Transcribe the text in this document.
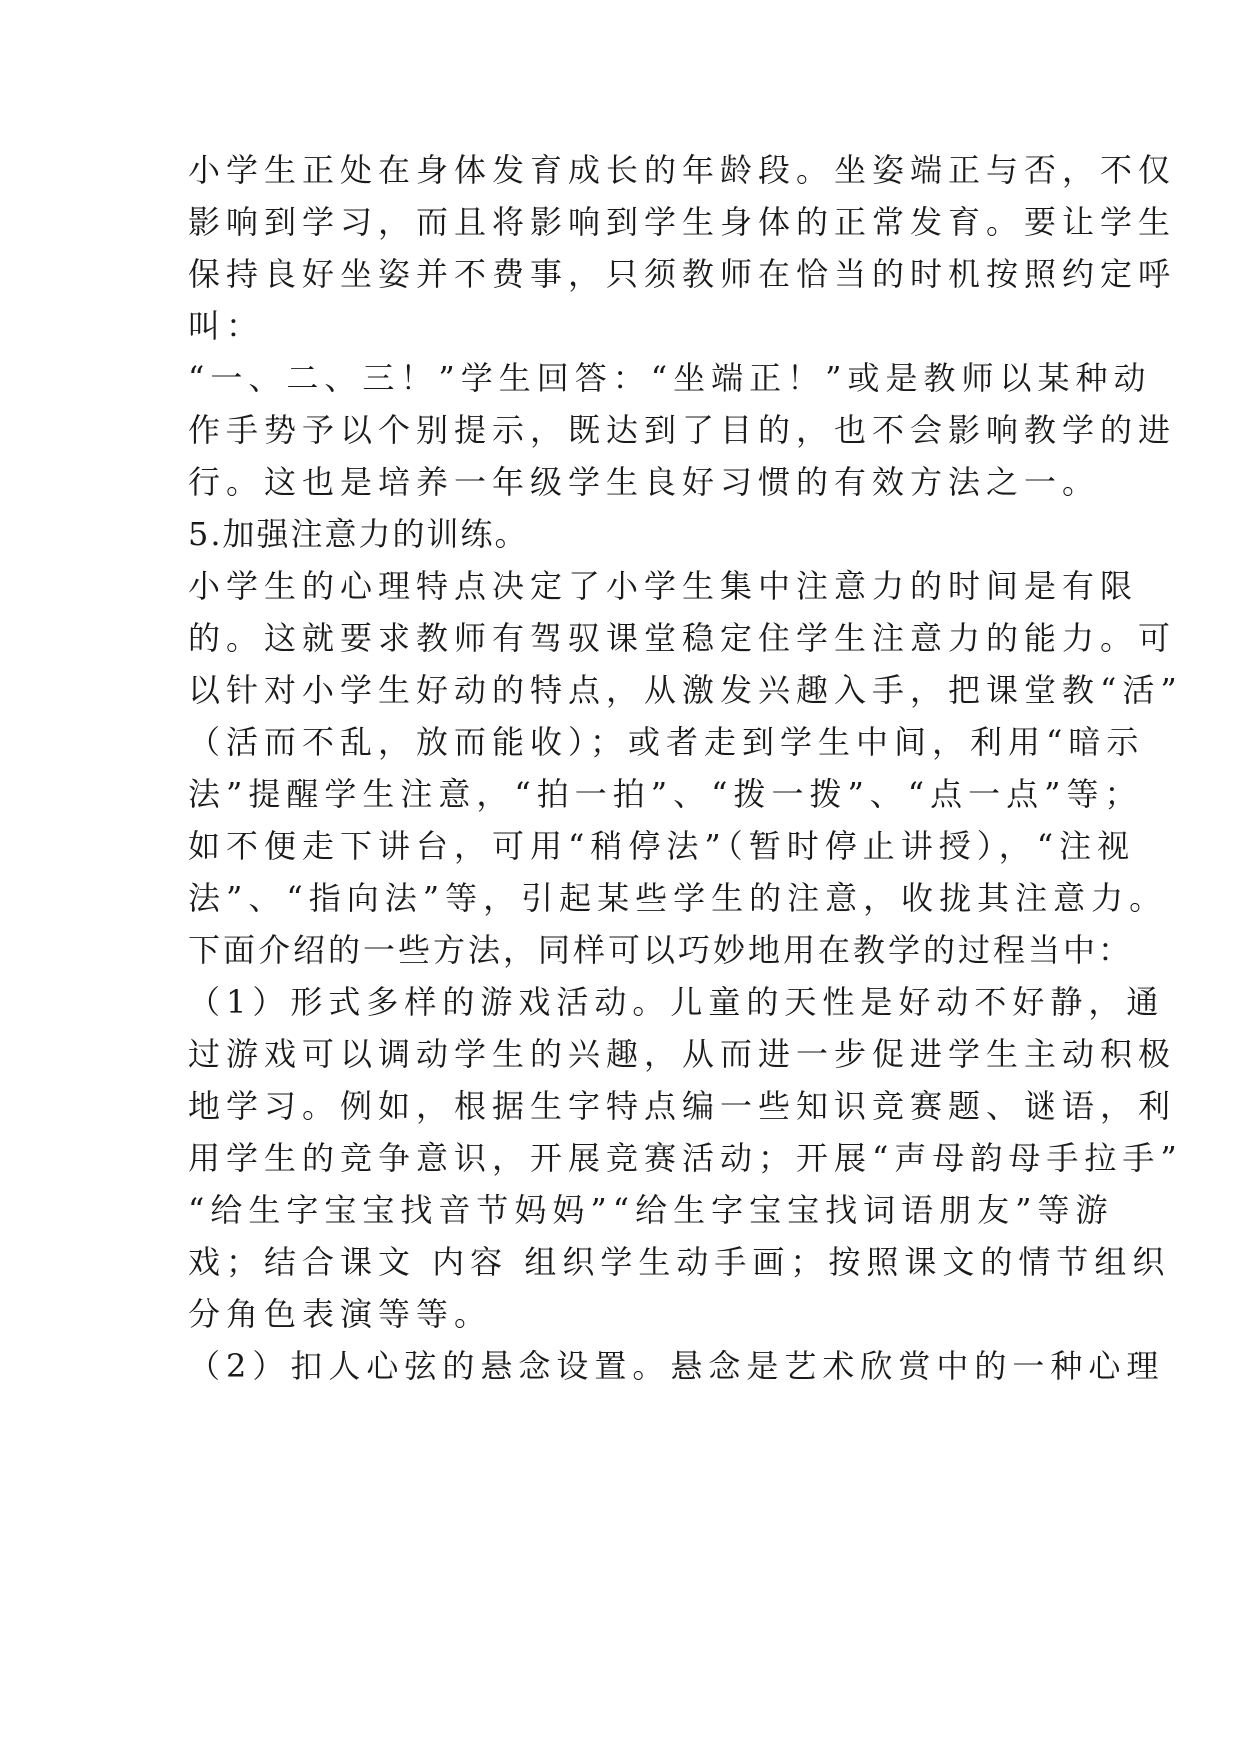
小学生正处在身体发育成长的年龄段。坐姿端正与否，不仅
影响到学习，而且将影响到学生身体的正常发育。要让学生
保持良好坐姿并不费事，只须教师在恰当的时机按照约定呼
叫：
“一、二、三！”学生回答：“坐端正！”或是教师以某种动
作手势予以个别提示，既达到了目的，也不会影响教学的进
行。这也是培养一年级学生良好习惯的有效方法之一。
5.加强注意力的训练。
小学生的心理特点决定了小学生集中注意力的时间是有限
的。这就要求教师有驾驭课堂稳定住学生注意力的能力。可
以针对小学生好动的特点，从激发兴趣入手，把课堂教“活”
（活而不乱，放而能收）；或者走到学生中间，利用“暗示
法”提醒学生注意，“拍一拍”、“拨一拨”、“点一点”等；
如不便走下讲台，可用“稍停法”（暂时停止讲授），“注视
法”、“指向法”等，引起某些学生的注意，收拢其注意力。
下面介绍的一些方法，同样可以巧妙地用在教学的过程当中：
（1）形式多样的游戏活动。儿童的天性是好动不好静，通
过游戏可以调动学生的兴趣，从而进一步促进学生主动积极
地学习。例如，根据生字特点编一些知识竞赛题、谜语，利
用学生的竞争意识，开展竞赛活动；开展“声母韵母手拉手”
“给生字宝宝找音节妈妈”“给生字宝宝找词语朋友”等游
戏；结合课文 内容 组织学生动手画；按照课文的情节组织
分角色表演等等。
（2）扣人心弦的悬念设置。悬念是艺术欣赏中的一种心理
